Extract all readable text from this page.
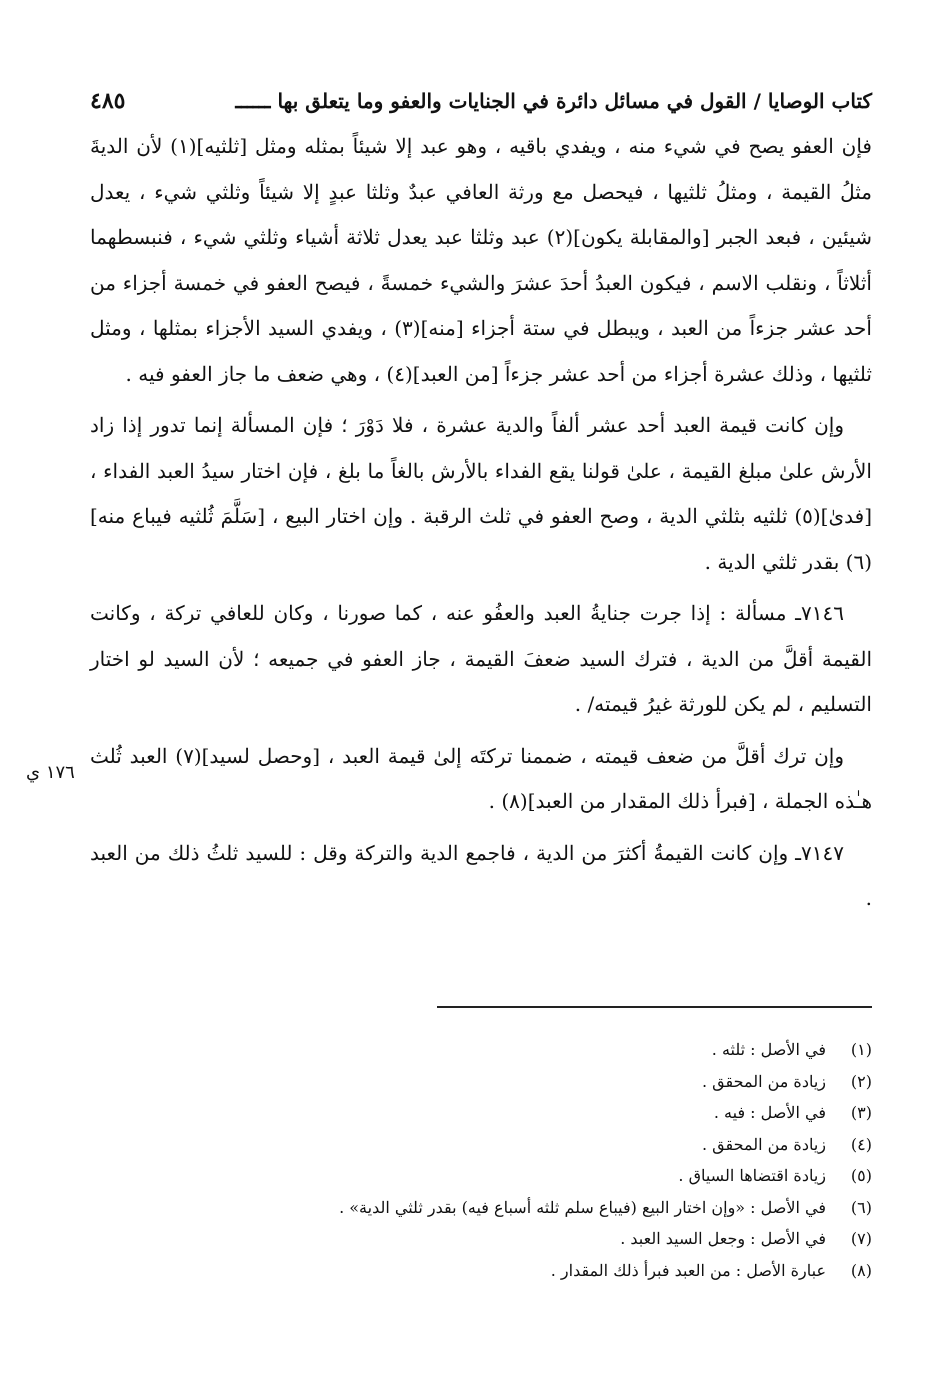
كتاب الوصايا / القول في مسائل دائرة في الجنايات والعفو وما يتعلق بها ــــــ
٤٨٥

فإن العفو يصح في شيء منه ، ويفدي باقيه ، وهو عبد إلا شيئاً بمثله ومثل [ثلثيه](١) لأن الديةَ مثلُ القيمة ، ومثلُ ثلثيها ، فيحصل مع ورثة العافي عبدٌ وثلثا عبدٍ إلا شيئاً وثلثي شيء ، يعدل شيئين ، فبعد الجبر [والمقابلة يكون](٢) عبد وثلثا عبد يعدل ثلاثة أشياء وثلثي شيء ، فنبسطهما أثلاثاً ، ونقلب الاسم ، فيكون العبدُ أحدَ عشرَ والشيء خمسةً ، فيصح العفو في خمسة أجزاء من أحد عشر جزءاً من العبد ، ويبطل في ستة أجزاء [منه](٣) ، ويفدي السيد الأجزاء بمثلها ، ومثل ثلثيها ، وذلك عشرة أجزاء من أحد عشر جزءاً [من العبد](٤) ، وهي ضعف ما جاز العفو فيه .

وإن كانت قيمة العبد أحد عشر ألفاً والدية عشرة ، فلا دَوْرَ ؛ فإن المسألة إنما تدور إذا زاد الأرش علىٰ مبلغ القيمة ، علىٰ قولنا يقع الفداء بالأرش بالغاً ما بلغ ، فإن اختار سيدُ العبد الفداء ، [فدىٰ](٥) ثلثيه بثلثي الدية ، وصح العفو في ثلث الرقبة . وإن اختار البيع ، [سَلَّمَ ثُلثيه فيباع منه](٦) بقدر ثلثي الدية .

٧١٤٦ـ مسألة : إذا جرت جنايةُ العبد والعفُو عنه ، كما صورنا ، وكان للعافي تركة ، وكانت القيمة أقلَّ من الدية ، فترك السيد ضعفَ القيمة ، جاز العفو في جميعه ؛ لأن السيد لو اختار التسليم ، لم يكن للورثة غيرُ قيمته/ .

وإن ترك أقلَّ من ضعف قيمته ، ضممنا تركتَه إلىٰ قيمة العبد ، [وحصل لسيد](٧) العبد ثُلث هـٰذه الجملة ، [فبرأ ذلك المقدار من العبد](٨) .

٧١٤٧ـ وإن كانت القيمةُ أكثرَ من الدية ، فاجمع الدية والتركة وقل : للسيد ثلثُ ذلك من العبد .

١٧٦ ي
(١)
في الأصل : ثلثه .
(٢)
زيادة من المحقق .
(٣)
في الأصل : فيه .
(٤)
زيادة من المحقق .
(٥)
زيادة اقتضاها السياق .
(٦)
في الأصل : «وإن اختار البيع (فيباع سلم ثلثه أسباع فيه) بقدر ثلثي الدية» .
(٧)
في الأصل : وجعل السيد العبد .
(٨)
عبارة الأصل : من العبد فبرأ ذلك المقدار .
